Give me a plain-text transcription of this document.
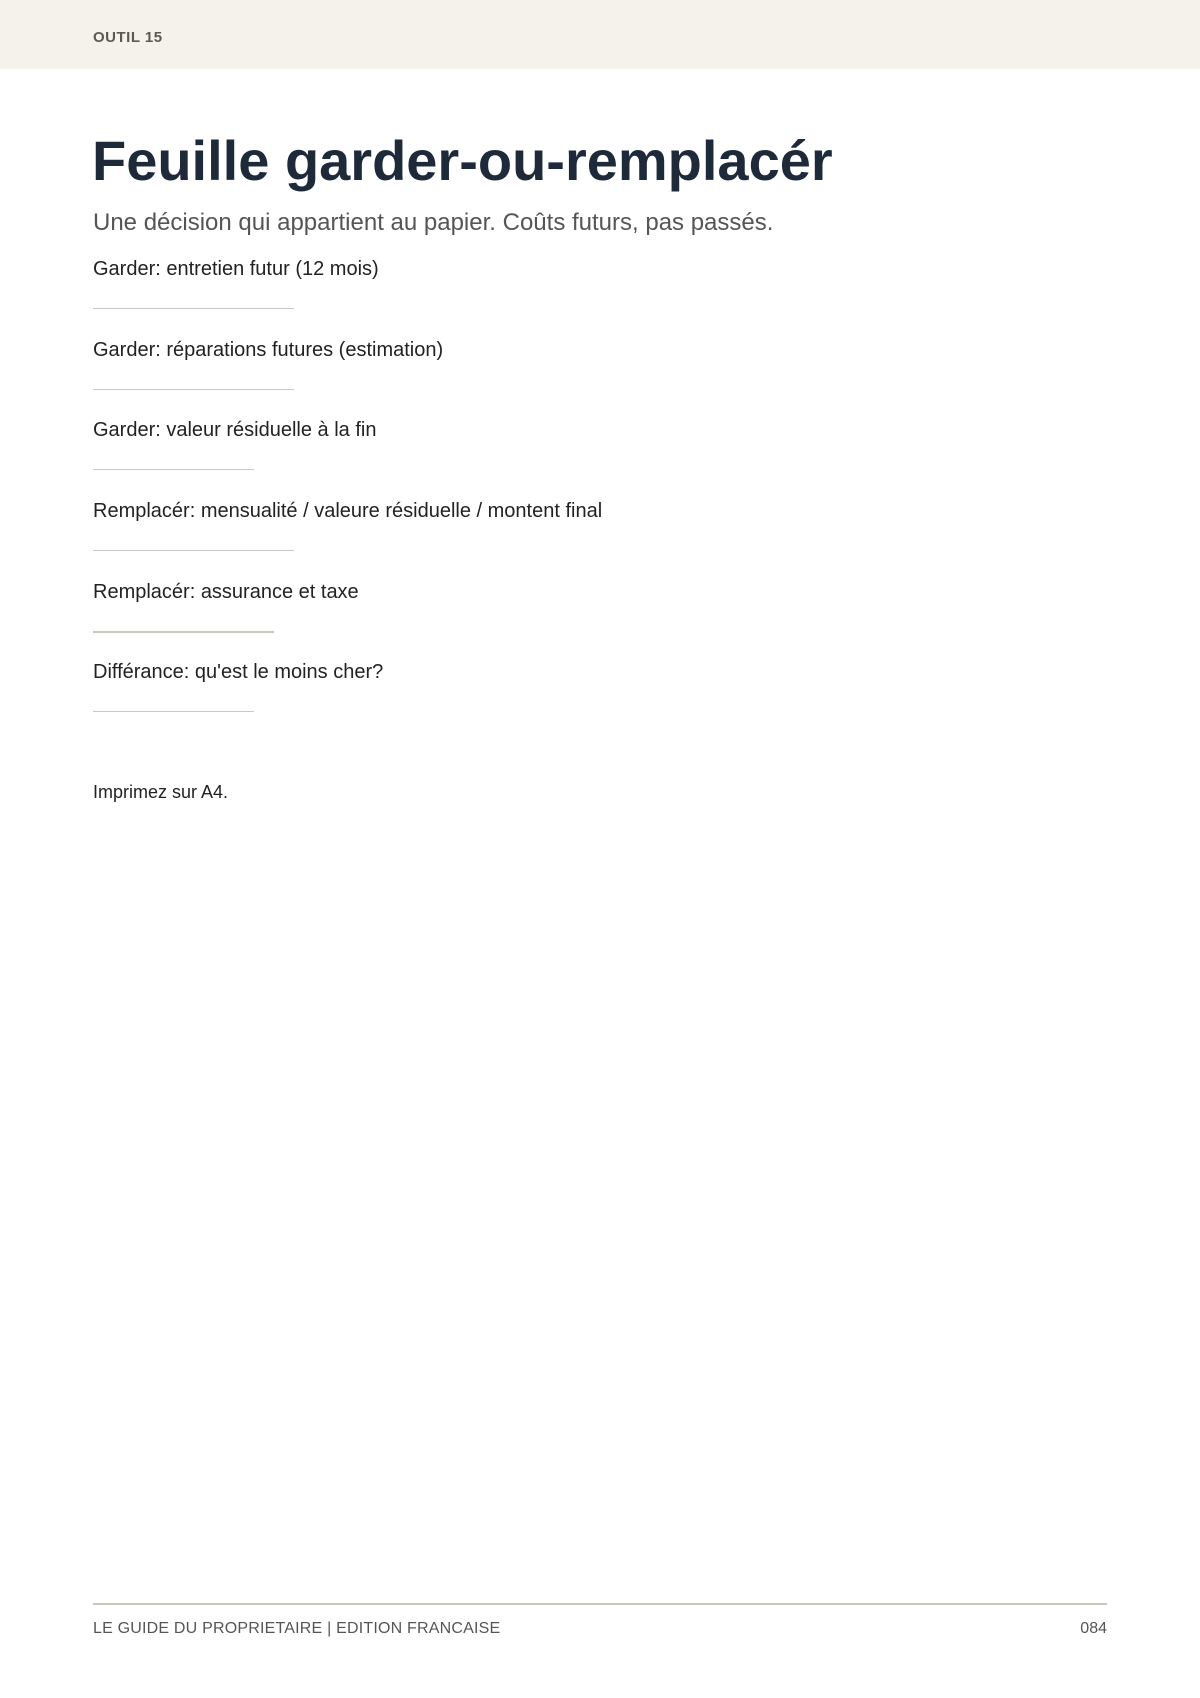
OUTIL 15
Feuille garder-ou-remplacér

Une décision qui appartient au papier. Coûts futurs, pas passés.

Garder: entretien futur (12 mois)
Garder: réparations futures (estimation)
Garder: valeur résiduelle à la fin
Remplacér: mensualité / valeure résiduelle / montent final
Remplacér: assurance et taxe
Différance: qu'est le moins cher?
Imprimez sur A4.
LE GUIDE DU PROPRIETAIRE | EDITION FRANCAISE	084
